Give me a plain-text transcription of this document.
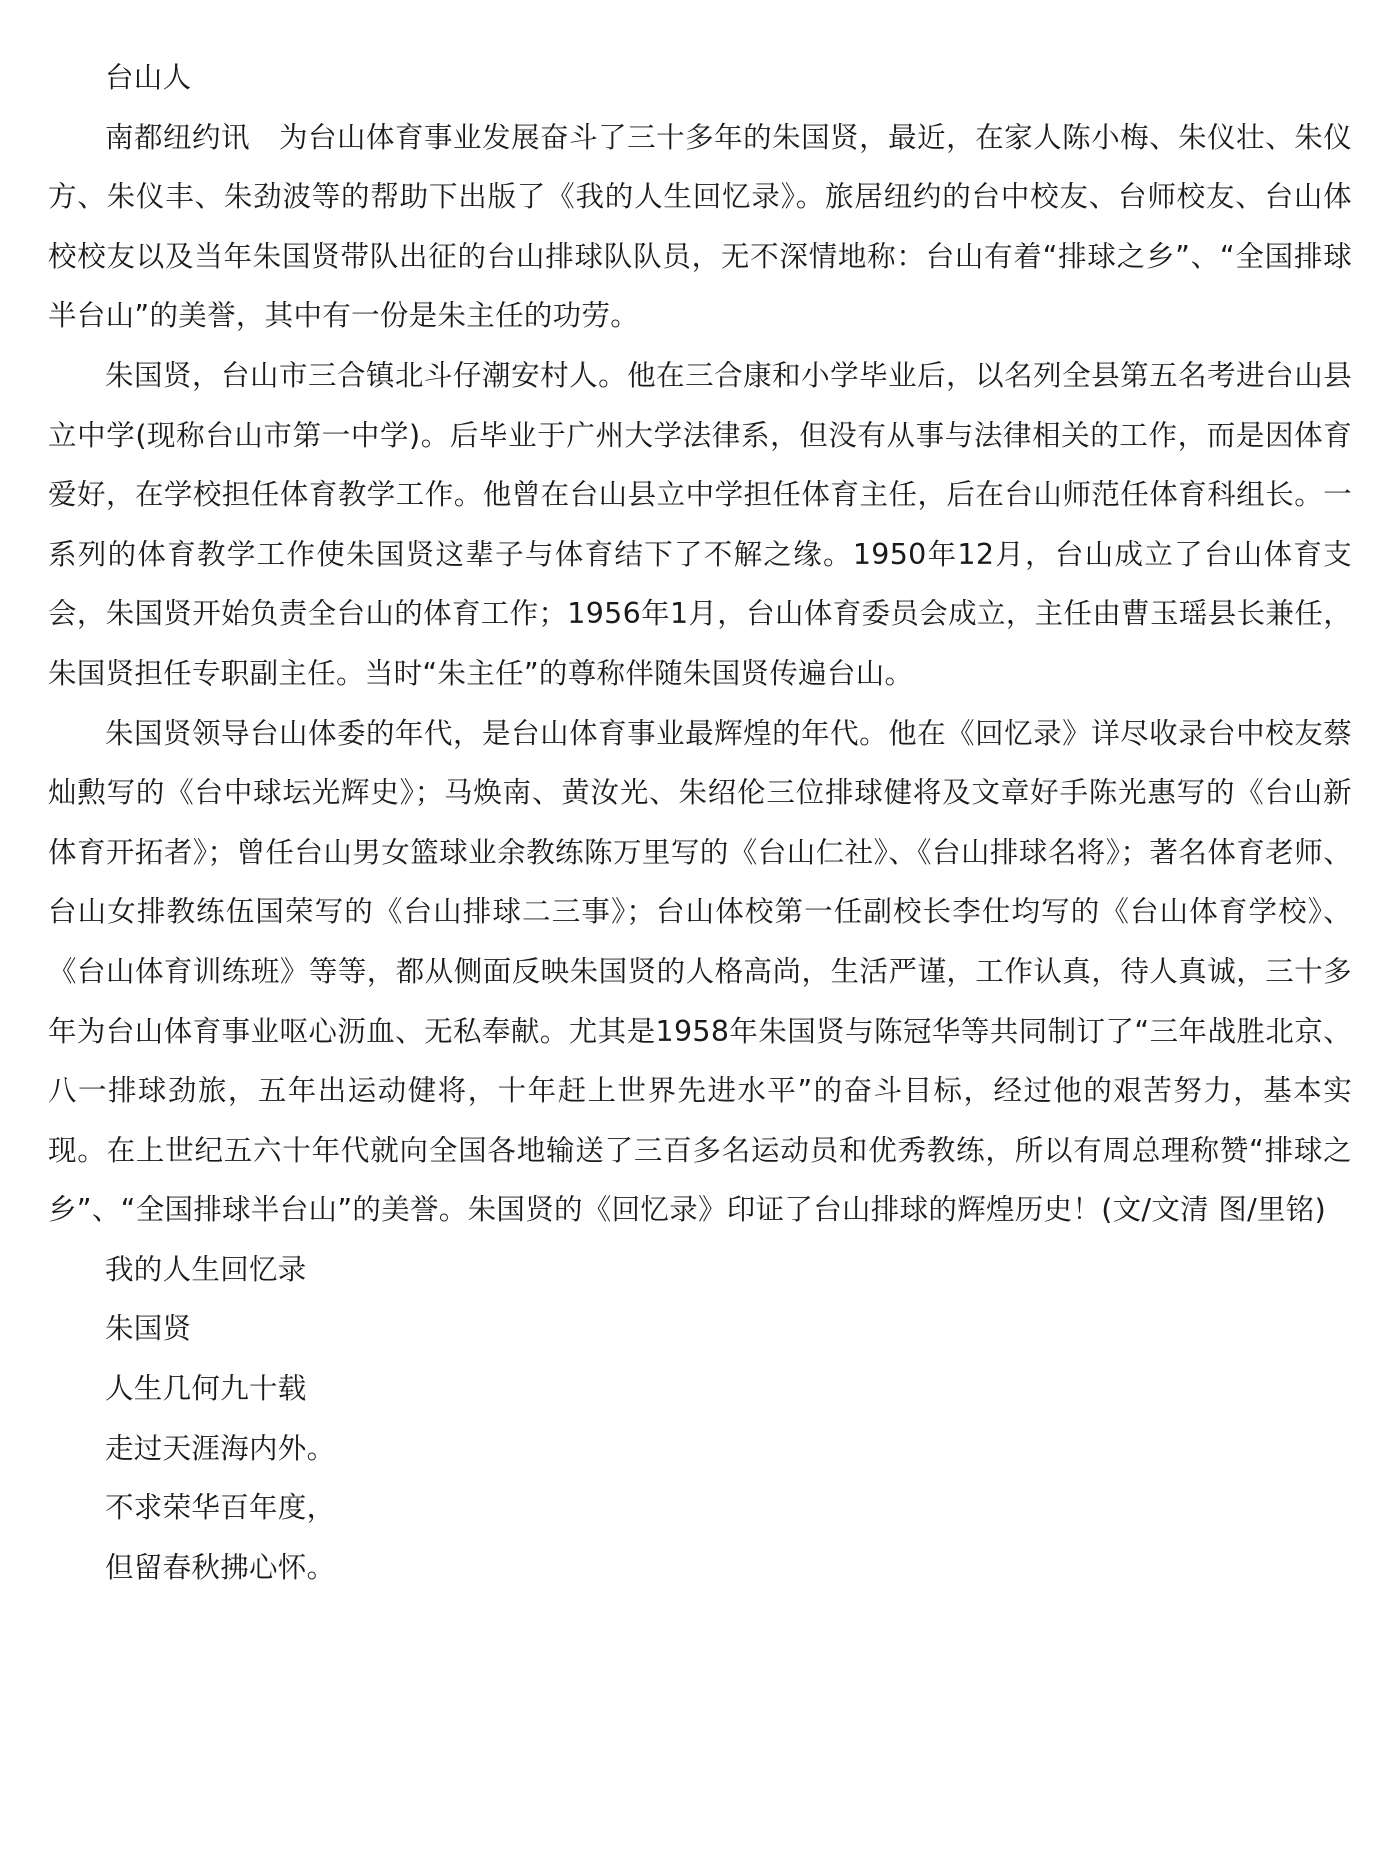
台山人

南都纽约讯　为台山体育事业发展奋斗了三十多年的朱国贤，最近，在家人陈小梅、朱仪壮、朱仪方、朱仪丰、朱劲波等的帮助下出版了《我的人生回忆录》。旅居纽约的台中校友、台师校友、台山体校校友以及当年朱国贤带队出征的台山排球队队员，无不深情地称：台山有着“排球之乡”、“全国排球半台山”的美誉，其中有一份是朱主任的功劳。

朱国贤，台山市三合镇北斗仔潮安村人。他在三合康和小学毕业后，以名列全县第五名考进台山县立中学(现称台山市第一中学)。后毕业于广州大学法律系，但没有从事与法律相关的工作，而是因体育爱好，在学校担任体育教学工作。他曾在台山县立中学担任体育主任，后在台山师范任体育科组长。一系列的体育教学工作使朱国贤这辈子与体育结下了不解之缘。1950年12月，台山成立了台山体育支会，朱国贤开始负责全台山的体育工作；1956年1月，台山体育委员会成立，主任由曹玉瑶县长兼任，朱国贤担任专职副主任。当时“朱主任”的尊称伴随朱国贤传遍台山。

朱国贤领导台山体委的年代，是台山体育事业最辉煌的年代。他在《回忆录》详尽收录台中校友蔡灿勲写的《台中球坛光辉史》；马焕南、黄汝光、朱绍伦三位排球健将及文章好手陈光惠写的《台山新体育开拓者》；曾任台山男女篮球业余教练陈万里写的《台山仁社》、《台山排球名将》；著名体育老师、台山女排教练伍国荣写的《台山排球二三事》；台山体校第一任副校长李仕均写的《台山体育学校》、《台山体育训练班》等等，都从侧面反映朱国贤的人格高尚，生活严谨，工作认真，待人真诚，三十多年为台山体育事业呕心沥血、无私奉献。尤其是1958年朱国贤与陈冠华等共同制订了“三年战胜北京、八一排球劲旅，五年出运动健将，十年赶上世界先进水平”的奋斗目标，经过他的艰苦努力，基本实现。在上世纪五六十年代就向全国各地输送了三百多名运动员和优秀教练，所以有周总理称赞“排球之乡”、“全国排球半台山”的美誉。朱国贤的《回忆录》印证了台山排球的辉煌历史！(文/文清 图/里铭)

我的人生回忆录
朱国贤
人生几何九十载
走过天涯海内外。
不求荣华百年度，
但留春秋拂心怀。
